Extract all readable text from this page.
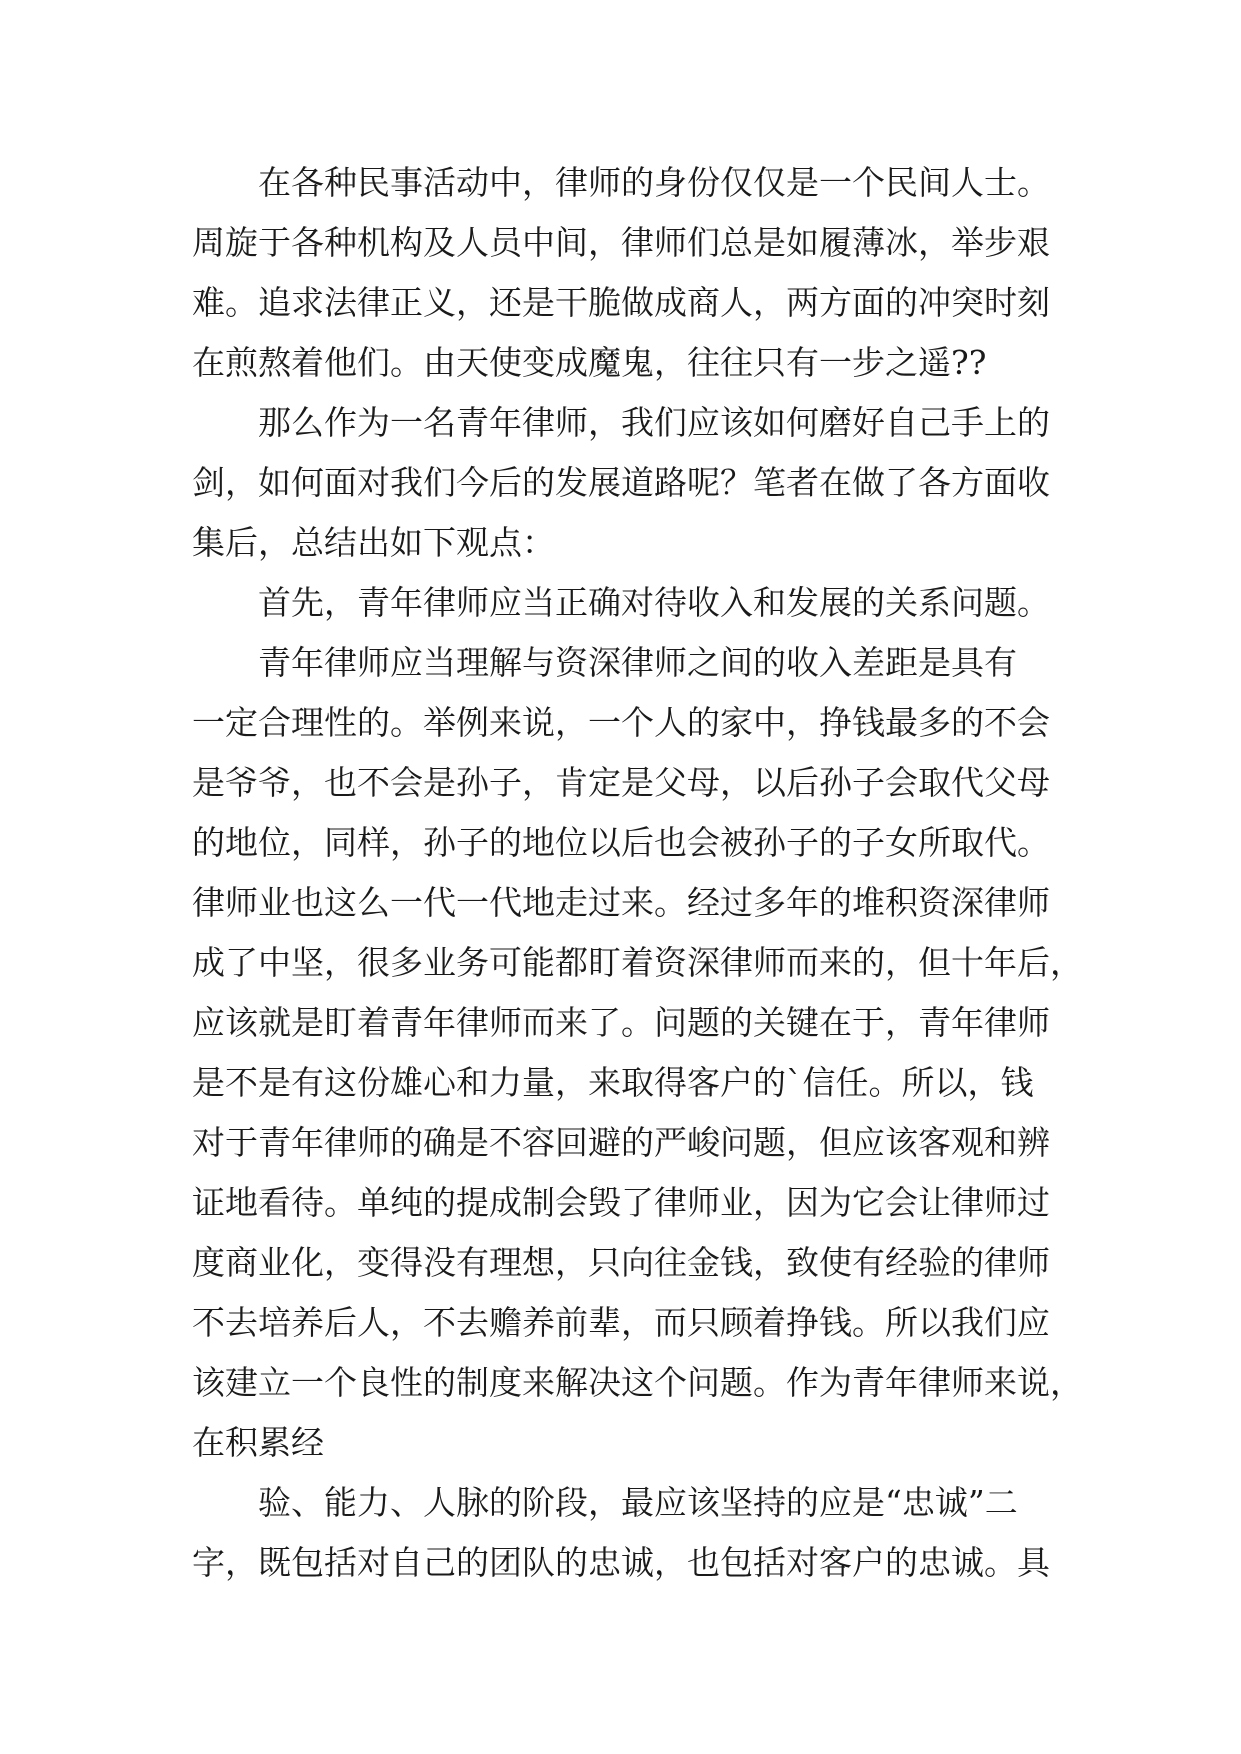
在各种民事活动中，律师的身份仅仅是一个民间人士。

周旋于各种机构及人员中间，律师们总是如履薄冰，举步艰

难。追求法律正义，还是干脆做成商人，两方面的冲突时刻

在煎熬着他们。由天使变成魔鬼，往往只有一步之遥??

那么作为一名青年律师，我们应该如何磨好自己手上的

剑，如何面对我们今后的发展道路呢？笔者在做了各方面收

集后，总结出如下观点：

首先，青年律师应当正确对待收入和发展的关系问题。

青年律师应当理解与资深律师之间的收入差距是具有

一定合理性的。举例来说，一个人的家中，挣钱最多的不会

是爷爷，也不会是孙子，肯定是父母，以后孙子会取代父母

的地位，同样，孙子的地位以后也会被孙子的子女所取代。

律师业也这么一代一代地走过来。经过多年的堆积资深律师

成了中坚，很多业务可能都盯着资深律师而来的，但十年后，

应该就是盯着青年律师而来了。问题的关键在于，青年律师

是不是有这份雄心和力量，来取得客户的`信任。所以，钱

对于青年律师的确是不容回避的严峻问题，但应该客观和辨

证地看待。单纯的提成制会毁了律师业，因为它会让律师过

度商业化，变得没有理想，只向往金钱，致使有经验的律师

不去培养后人，不去赡养前辈，而只顾着挣钱。所以我们应

该建立一个良性的制度来解决这个问题。作为青年律师来说，

在积累经

验、能力、人脉的阶段，最应该坚持的应是“忠诚”二

字，既包括对自己的团队的忠诚，也包括对客户的忠诚。具
